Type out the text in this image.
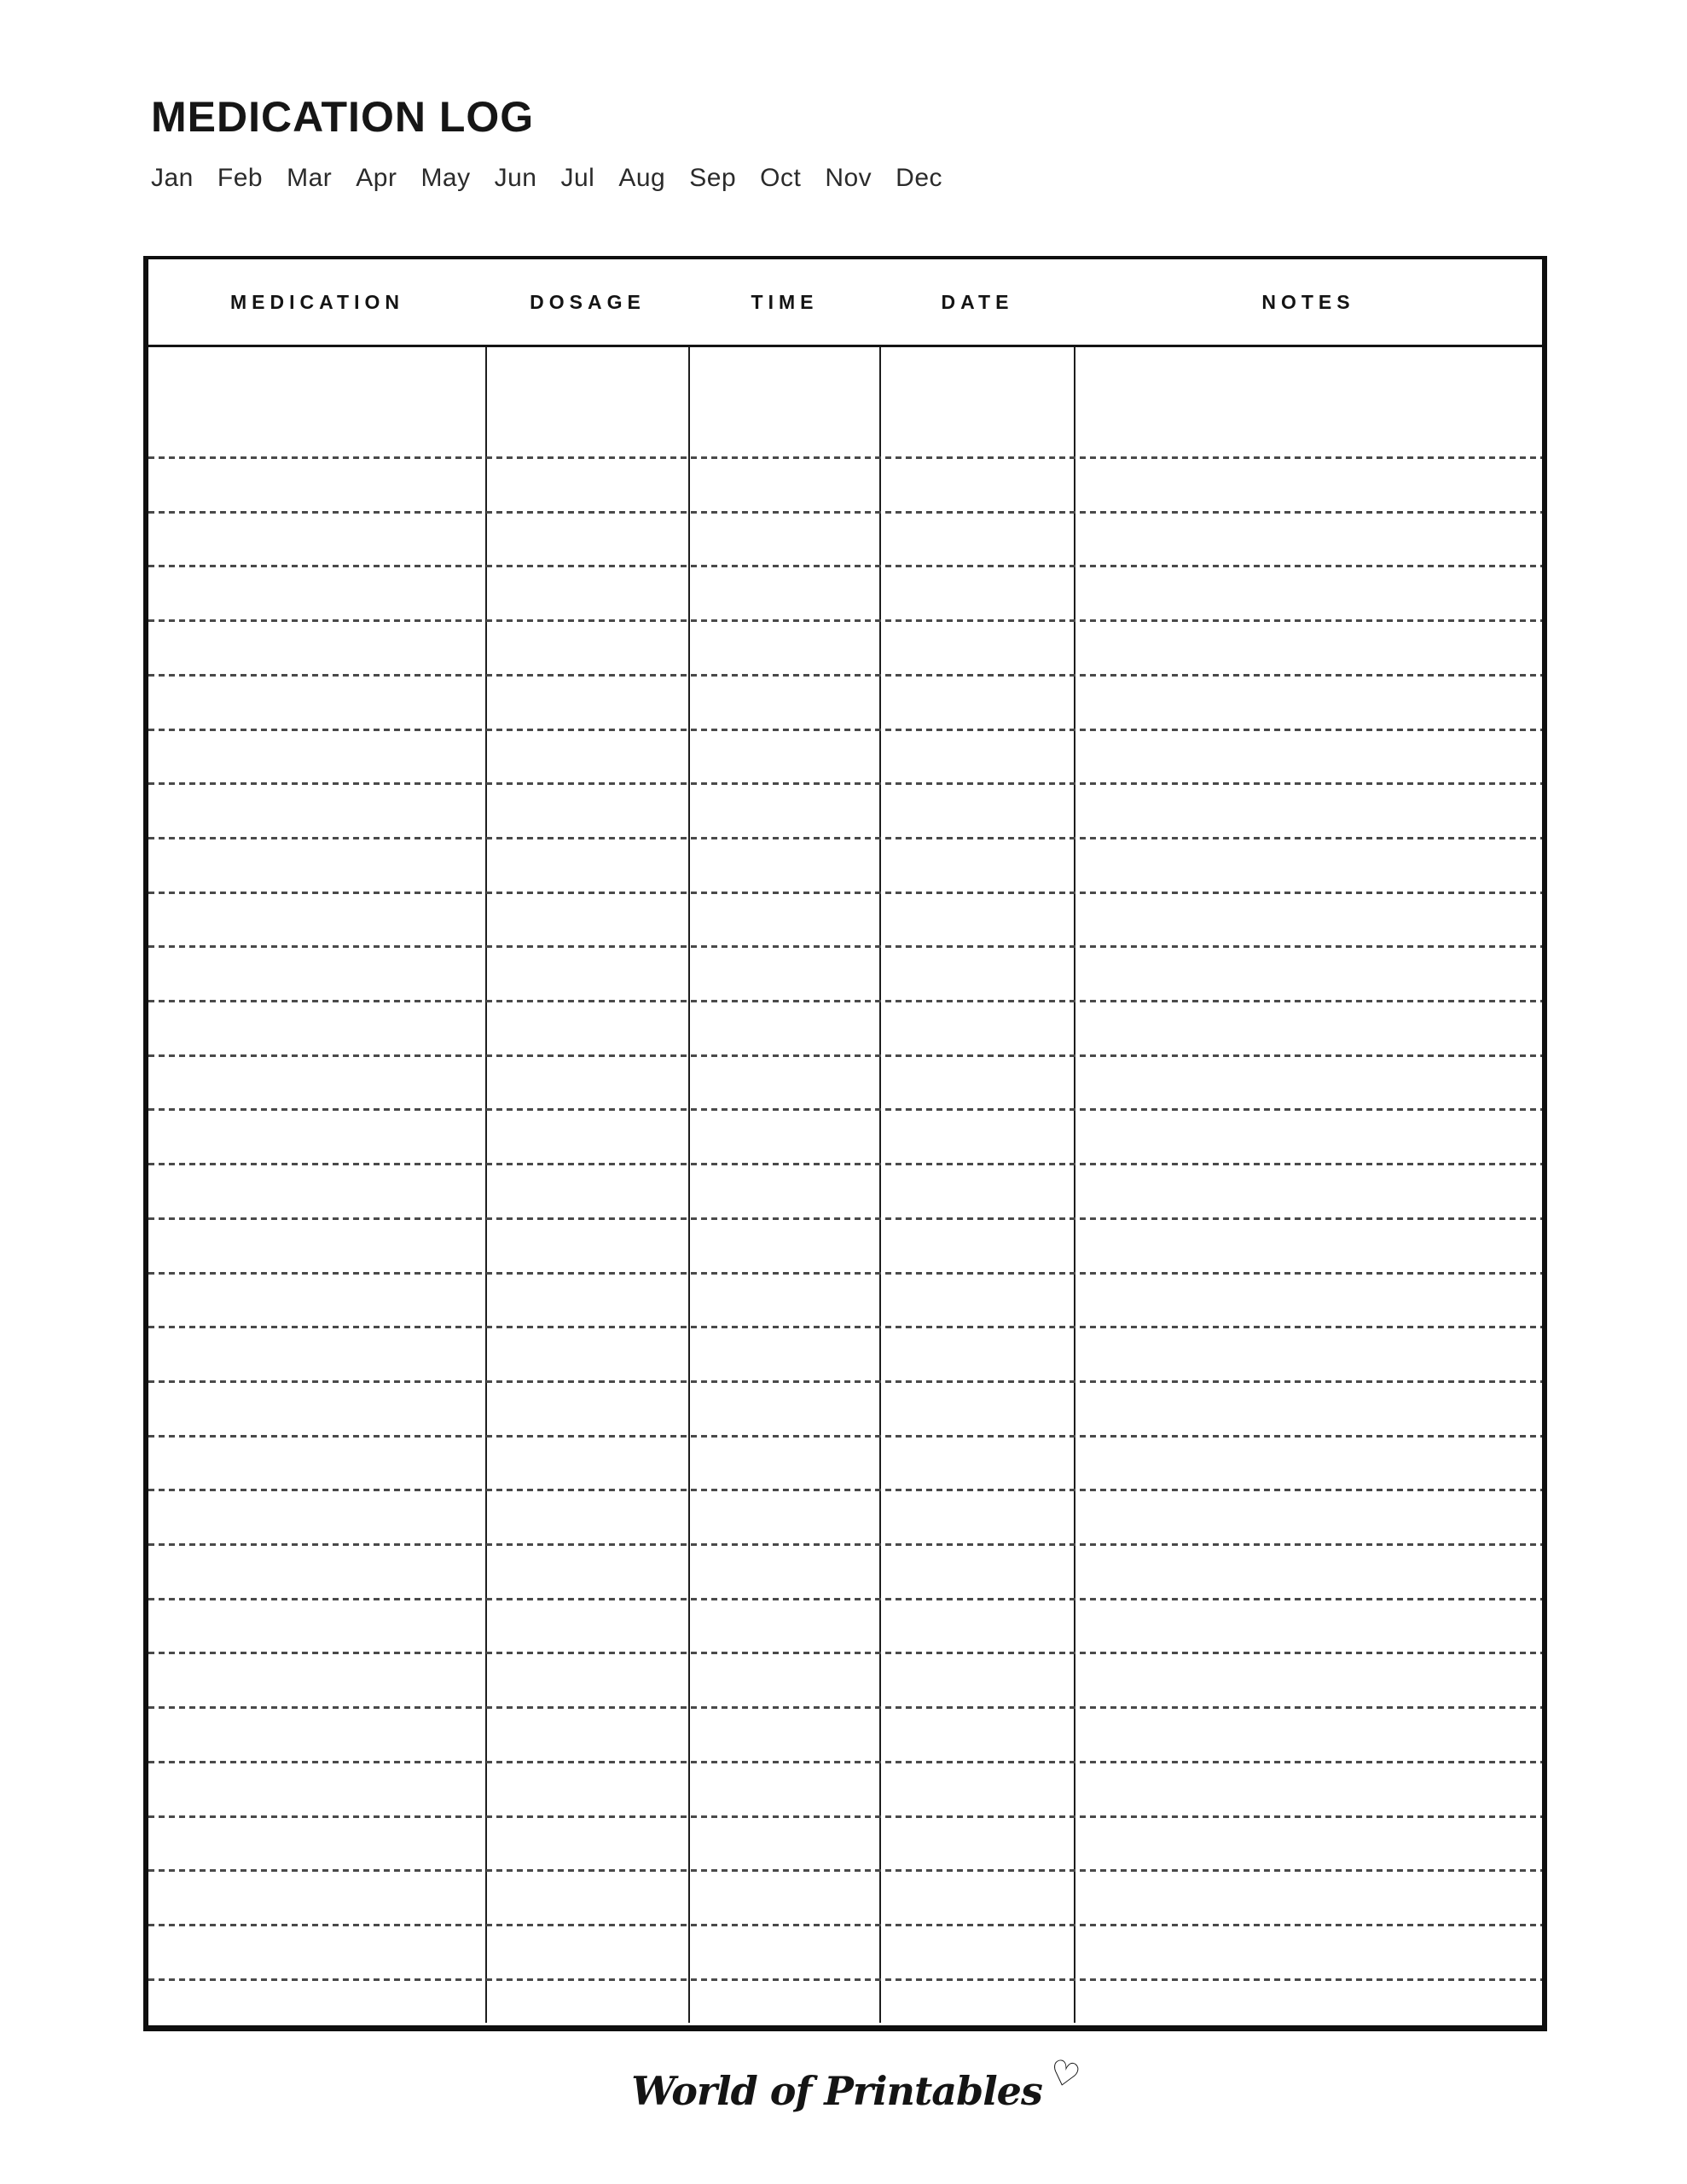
MEDICATION LOG
Jan Feb Mar Apr May Jun Jul Aug Sep Oct Nov Dec
MEDICATION	DOSAGE	TIME	DATE	NOTES
World of Printables♡
